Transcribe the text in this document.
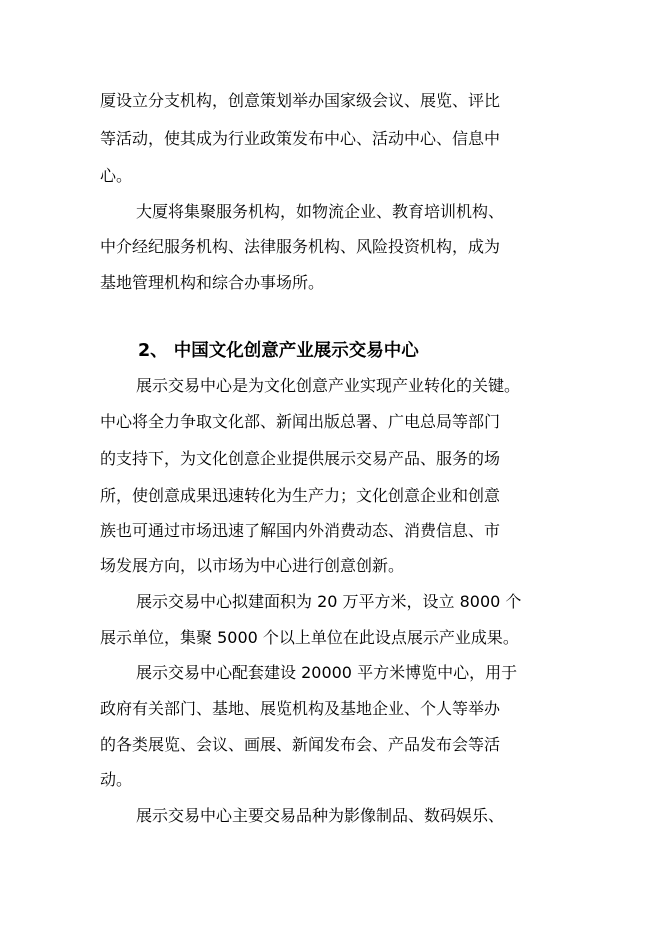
厦设立分支机构，创意策划举办国家级会议、展览、评比
等活动，使其成为行业政策发布中心、活动中心、信息中
心。
大厦将集聚服务机构，如物流企业、教育培训机构、
中介经纪服务机构、法律服务机构、风险投资机构，成为
基地管理机构和综合办事场所。
2、 中国文化创意产业展示交易中心
展示交易中心是为文化创意产业实现产业转化的关键。
中心将全力争取文化部、新闻出版总署、广电总局等部门
的支持下，为文化创意企业提供展示交易产品、服务的场
所，使创意成果迅速转化为生产力；文化创意企业和创意
族也可通过市场迅速了解国内外消费动态、消费信息、市
场发展方向，以市场为中心进行创意创新。
展示交易中心拟建面积为 20 万平方米，设立 8000 个
展示单位，集聚 5000 个以上单位在此设点展示产业成果。
展示交易中心配套建设 20000 平方米博览中心，用于
政府有关部门、基地、展览机构及基地企业、个人等举办
的各类展览、会议、画展、新闻发布会、产品发布会等活
动。
展示交易中心主要交易品种为影像制品、数码娱乐、
